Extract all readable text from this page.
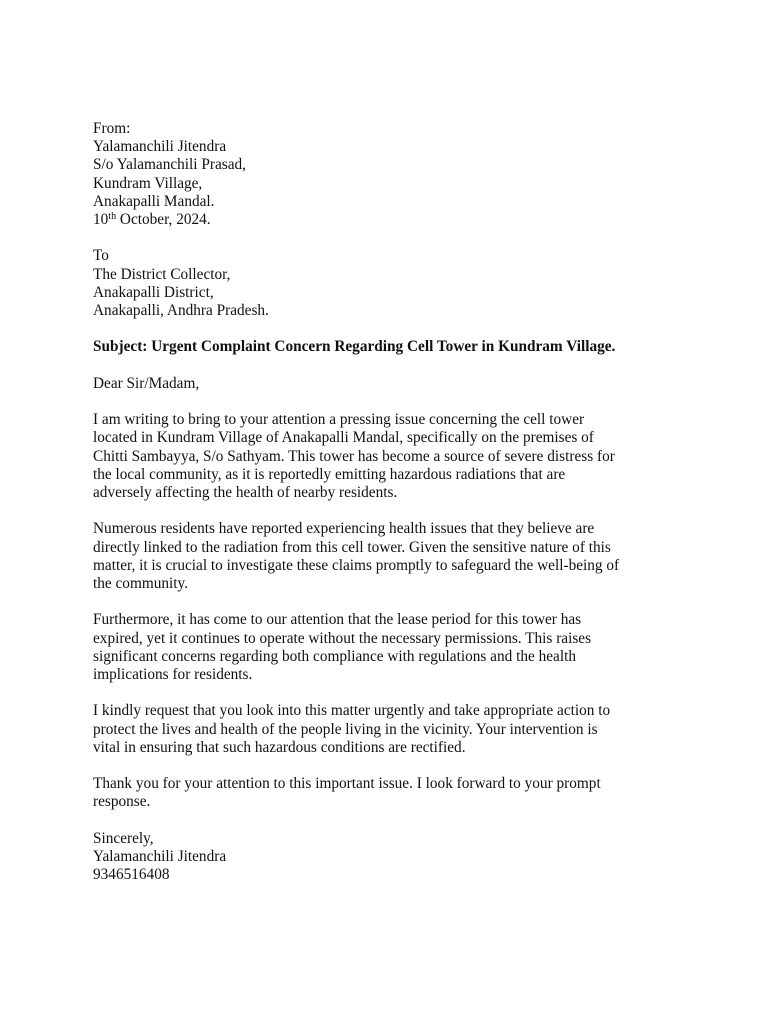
From:
Yalamanchili Jitendra
S/o Yalamanchili Prasad,
Kundram Village,
Anakapalli Mandal.
10th October, 2024.
To
The District Collector,
Anakapalli District,
Anakapalli, Andhra Pradesh.
Subject: Urgent Complaint Concern Regarding Cell Tower in Kundram Village.
Dear Sir/Madam,

I am writing to bring to your attention a pressing issue concerning the cell tower
located in Kundram Village of Anakapalli Mandal, specifically on the premises of
Chitti Sambayya, S/o Sathyam. This tower has become a source of severe distress for
the local community, as it is reportedly emitting hazardous radiations that are
adversely affecting the health of nearby residents.

Numerous residents have reported experiencing health issues that they believe are
directly linked to the radiation from this cell tower. Given the sensitive nature of this
matter, it is crucial to investigate these claims promptly to safeguard the well-being of
the community.

Furthermore, it has come to our attention that the lease period for this tower has
expired, yet it continues to operate without the necessary permissions. This raises
significant concerns regarding both compliance with regulations and the health
implications for residents.

I kindly request that you look into this matter urgently and take appropriate action to
protect the lives and health of the people living in the vicinity. Your intervention is
vital in ensuring that such hazardous conditions are rectified.

Thank you for your attention to this important issue. I look forward to your prompt
response.

Sincerely,
Yalamanchili Jitendra
9346516408
